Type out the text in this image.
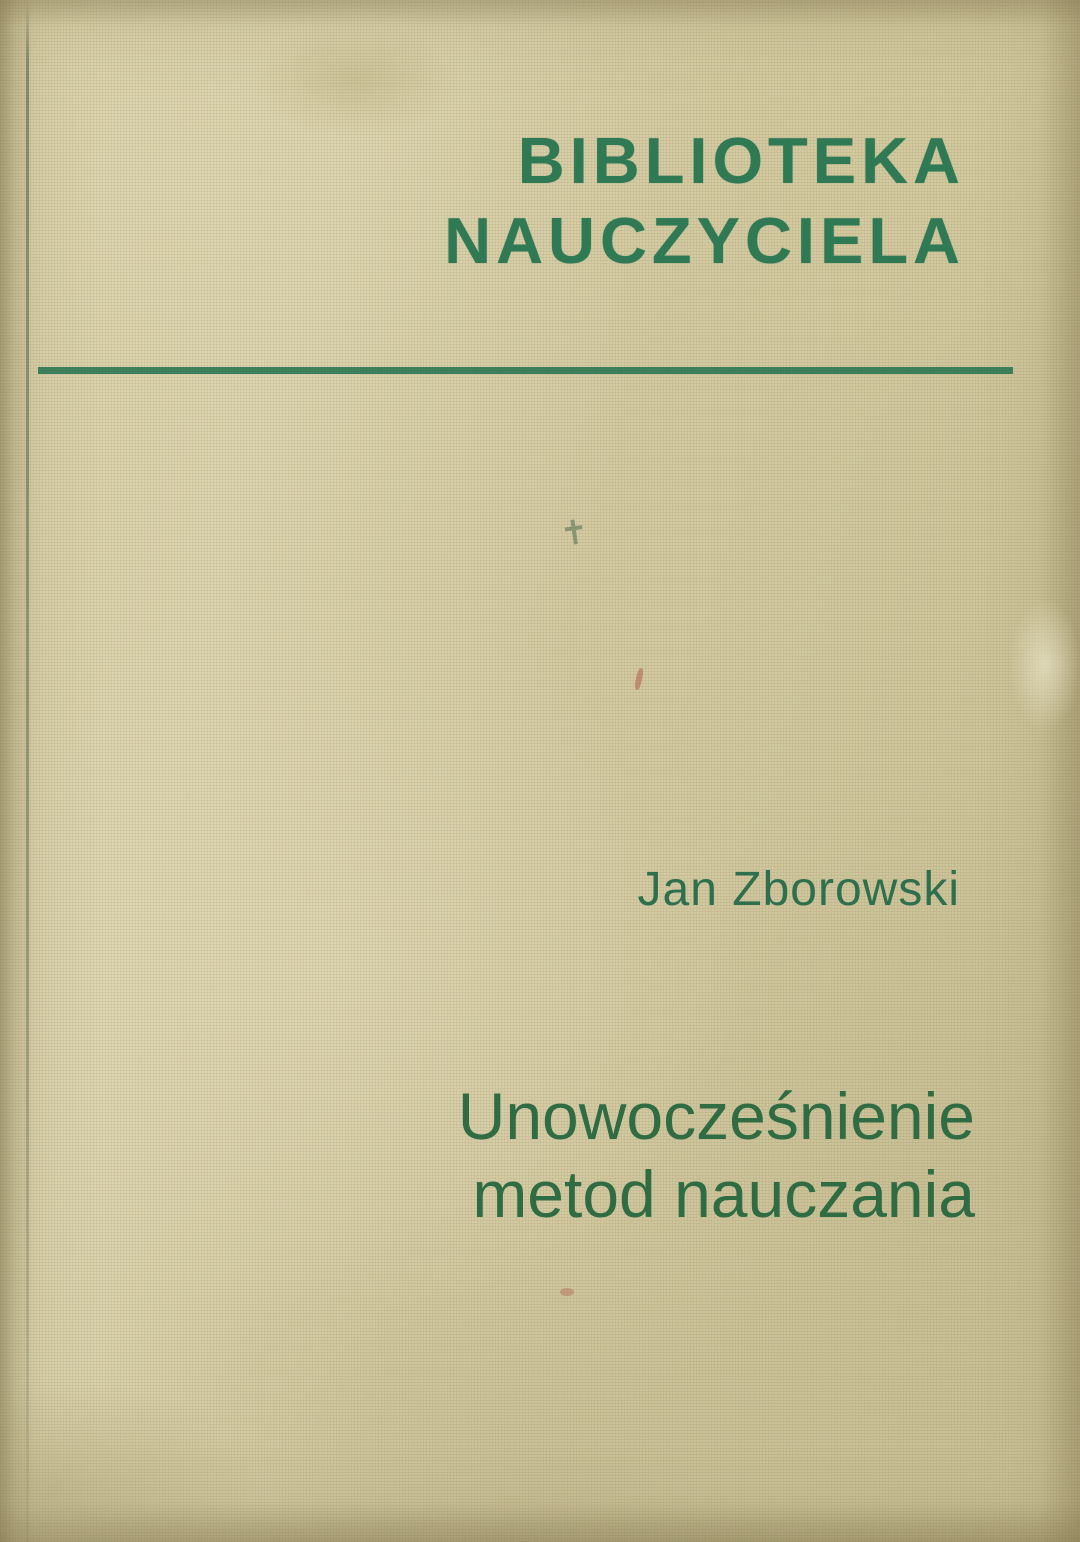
BIBLIOTEKA
NAUCZYCIELA
Jan Zborowski
Unowocześnienie
metod nauczania
✝
